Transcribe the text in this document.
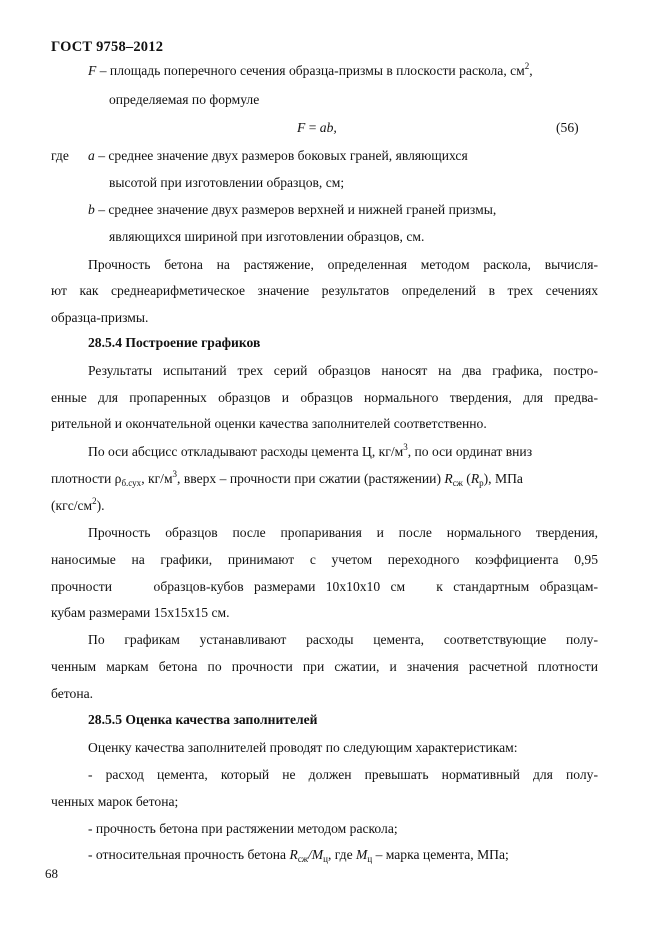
ГОСТ 9758–2012
F – площадь поперечного сечения образца-призмы в плоскости раскола, $см^2$,
определяемая по формуле
F = ab,	(56)
где a – среднее значение двух размеров боковых граней, являющихся
высотой при изготовлении образцов, см;
b – среднее значение двух размеров верхней и нижней граней призмы,
являющихся шириной при изготовлении образцов, см.
Прочность бетона на растяжение, определенная методом раскола, вычисля-
ют как среднеарифметическое значение результатов определений в трех сечениях
образца-призмы.
28.5.4 Построение графиков
Результаты испытаний трех серий образцов наносят на два графика, постро-
енные для пропаренных образцов и образцов нормального твердения, для предва-
рительной и окончательной оценки качества заполнителей соответственно.
По оси абсцисс откладывают расходы цемента Ц, $кг/м^3$, по оси ординат вниз
плотности $\rho_{б.сух}$, $кг/м^3$, вверх – прочности при сжатии (растяжении) $R_{сж}$ $(R_р)$, МПа
$(кгс/см^2)$.
Прочность образцов после пропаривания и после нормального твердения,
наносимые на графики, принимают с учетом переходного коэффициента 0,95
прочности    образцов-кубов размерами 10х10х10 см   к стандартным образцам-
кубам размерами 15х15х15 см.
По графикам устанавливают расходы цемента, соответствующие полу-
ченным маркам бетона по прочности при сжатии, и значения расчетной плотности
бетона.
28.5.5 Оценка качества заполнителей
Оценку качества заполнителей проводят по следующим характеристикам:
- расход цемента, который не должен превышать нормативный для полу-
ченных марок бетона;
- прочность бетона при растяжении методом раскола;
- относительная прочность бетона $R_{сж}/M_ц$, где $M_ц$ – марка цемента, МПа;
68
